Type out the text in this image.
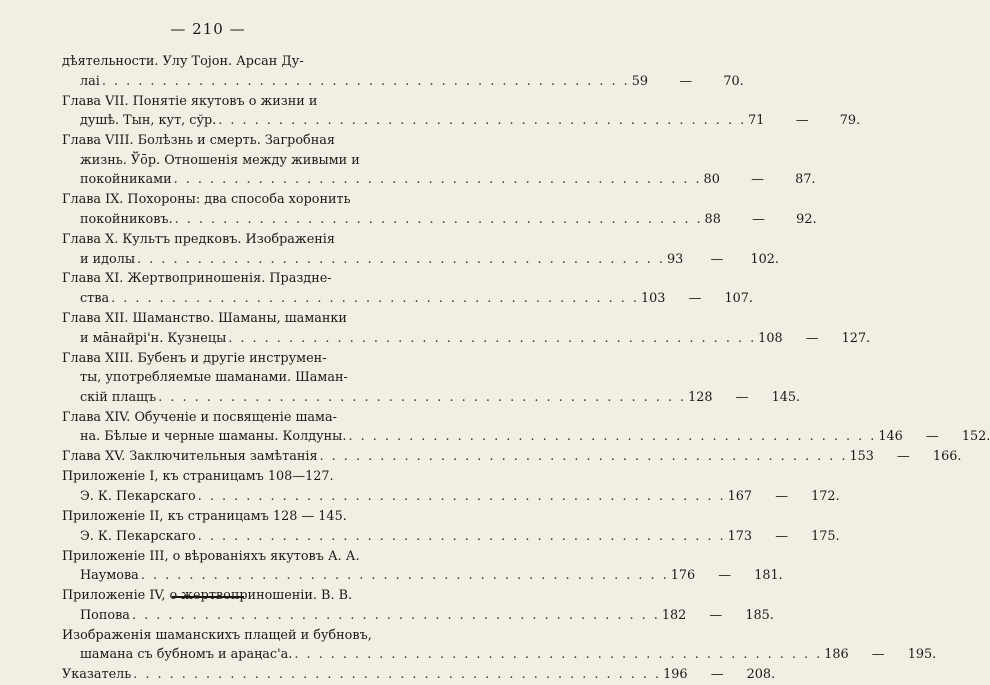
— 210 —
дѣятельности. Улу Тојон. Арсан Ду-
лаі . . .	59	—	70.
Глава VII. Понятіе якутовъ о жизни и
душѣ. Тын, кут, сўр. . . .	71	—	79.
Глава VIII. Болѣзнь и смерть. Загробная
жизнь. Ўо̄р. Отношенія между живыми и
покойниками . . .	80	—	87.
Глава IX. Похороны: два способа хоронить
покойниковъ. . . .	88	—	92.
Глава X. Культъ предковъ. Изображенія
и идолы . . .	93	—	102.
Глава XI. Жертвоприношенія. Праздне-
ства . . .	103	—	107.
Глава XII. Шаманство. Шаманы, шаманки
и ма̄найрі'н. Кузнецы . . .	108	—	127.
Глава XIII. Бубенъ и другіе инструмен-
ты, употребляемые шаманами. Шаман-
скій плащъ . . .	128	—	145.
Глава XIV. Обученіе и посвященіе шама-
на. Бѣлые и черные шаманы. Колдуны. . . .	146	—	152.
Глава XV. Заключительныя замѣтанія . . .	153	—	166.
Приложеніе I, къ страницамъ 108—127.
Э. К. Пекарскаго . . .	167	—	172.
Приложеніе II, къ страницамъ 128 — 145.
Э. К. Пекарскаго . . .	173	—	175.
Приложеніе III, о вѣрованіяхъ якутовъ А. А.
Наумова . . .	176	—	181.
Приложеніе IV, о жертвоприношеніи. В. В.
Попова . . .	182	—	185.
Изображенія шаманскихъ плащей и бубновъ,
шамана съ бубномъ и араңас'а. . . .	186	—	195.
Указатель . . .	196	—	208.
